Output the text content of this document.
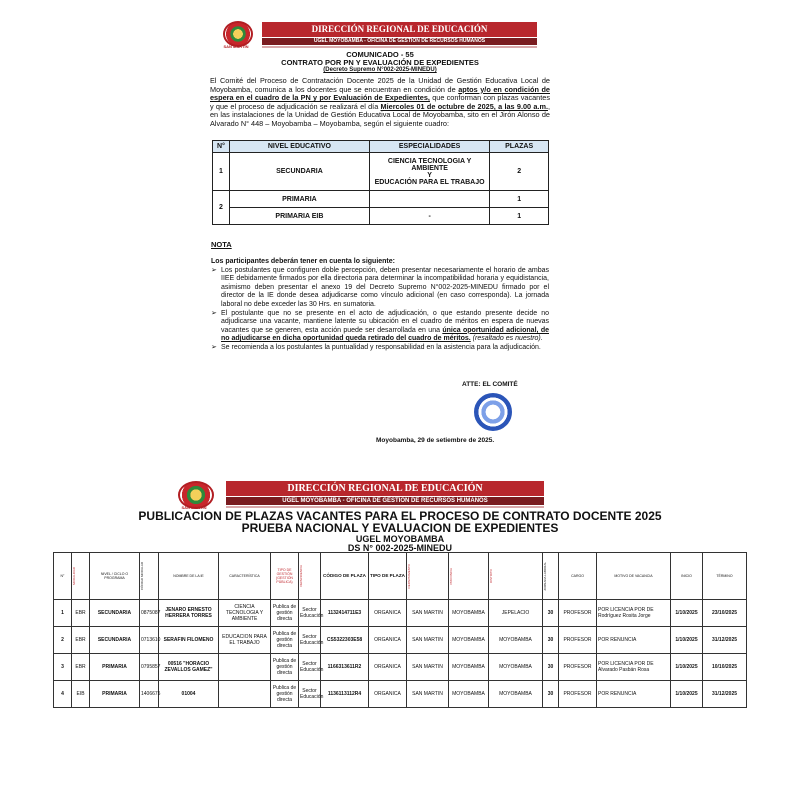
SAN MARTÍN
DIRECCIÓN REGIONAL DE EDUCACIÓN
UGEL MOYOBAMBA - OFICINA DE GESTIÓN DE RECURSOS HUMANOS
COMUNICADO - 55
CONTRATO POR PN Y EVALUACIÓN DE EXPEDIENTES
(Decreto Supremo N°002-2025-MINEDU)
El Comité del Proceso de Contratación Docente 2025 de la Unidad de Gestión Educativa Local de Moyobamba, comunica a los docentes que se encuentran en condición de aptos y/o en condición de espera en el cuadro de la PN y por Evaluación de Expedientes, que conforman con plazas vacantes y que el proceso de adjudicación se realizará el día Miercoles 01 de octubre de 2025, a las 9.00 a.m., en las instalaciones de la Unidad de Gestión Educativa Local de Moyobamba, sito en el Jirón Alonso de Alvarado N° 448 – Moyobamba – Moyobamba, según el siguiente cuadro:
N°	NIVEL EDUCATIVO	ESPECIALIDADES	PLAZAS
1	SECUNDARIA	CIENCIA TECNOLOGIA Y AMBIENTE
Y
EDUCACIÓN PARA EL TRABAJO	2
2	PRIMARIA		1
	PRIMARIA EIB	-	1
NOTA
Los participantes deberán tener en cuenta lo siguiente:
➢ Los postulantes que configuren doble percepción, deben presentar necesariamente el horario de ambas IIEE debidamente firmados por ella directoria para determinar la incompatibilidad horaria y equidistancia, asimismo deben presentar el anexo 19 del Decreto Supremo N°002-2025-MINEDU firmado por el director de la IE donde desea adjudicarse como vínculo adicional (en caso corresponda). La jornada laboral no debe exceder las 30 Hrs. en sumatoria.
➢ El postulante que no se presente en el acto de adjudicación, o que estando presente decide no adjudicarse una vacante, mantiene latente su ubicación en el cuadro de méritos en espera de nuevas vacantes que se generen, esta acción puede ser desarrollada en una única oportunidad adicional, de no adjudicarse en dicha oportunidad queda retirado del cuadro de méritos. (resaltado es nuestro).
➢ Se recomienda a los postulantes la puntualidad y responsabilidad en la asistencia para la adjudicación.
ATTE: EL COMITÉ
Moyobamba, 29 de setiembre de 2025.
SAN MARTÍN
DIRECCIÓN REGIONAL DE EDUCACIÓN
UGEL MOYOBAMBA - OFICINA DE GESTIÓN DE RECURSOS HUMANOS
PUBLICACION DE PLAZAS VACANTES PARA EL PROCESO DE CONTRATO DOCENTE 2025
PRUEBA NACIONAL Y EVALUACION DE EXPEDIENTES
UGEL MOYOBAMBA
DS N° 002-2025-MINEDU
N°	MODALIDAD	NIVEL / CICLO O PROGRAMA	CÓDIGO MODULAR	NOMBRE DE LA IE	CARACTERÍSTICA	TIPO DE GESTIÓN (GESTIÓN PÚBLICA)	DEPENDENCIA	CÓDIGO DE PLAZA	TIPO DE PLAZA	DEPARTAMENTO	PROVINCIA	DISTRITO	JORNADA LABORAL	CARGO	MOTIVO DE VACANCIA	INICIO	TÉRMINO
1	EBR	SECUNDARIA	0875087	JENARO ERNESTO HERRERA TORRES	CIENCIA TECNOLOGIA Y AMBIENTE	Publica de gestión directa	Sector Educación	1132414711E3	ORGANICA	SAN MARTIN	MOYOBAMBA	JEPELACIO	30	PROFESOR	POR LICENCIA POR DE Rodríguez Rosita Jorge	1/10/2025	23/10/2025
2	EBR	SECUNDARIA	0713610	SERAFIN FILOMENO	EDUCACION PARA EL TRABAJO	Publica de gestión directa	Sector Educación	CS5322303E58	ORGANICA	SAN MARTIN	MOYOBAMBA	MOYOBAMBA	30	PROFESOR	POR RENUNCIA	1/10/2025	31/12/2025
3	EBR	PRIMARIA	0795857	00516 "HORACIO ZEVALLOS GAMEZ"		Publica de gestión directa	Sector Educación	1166313611R2	ORGANICA	SAN MARTIN	MOYOBAMBA	MOYOBAMBA	30	PROFESOR	POR LICENCIA POR DE Alvarado Pasbán Rosa	1/10/2025	10/10/2025
4	EIB	PRIMARIA	1406675	01004		Publica de gestión directa	Sector Educación	1136113112R4	ORGANICA	SAN MARTIN	MOYOBAMBA	MOYOBAMBA	30	PROFESOR	POR RENUNCIA	1/10/2025	31/12/2025
